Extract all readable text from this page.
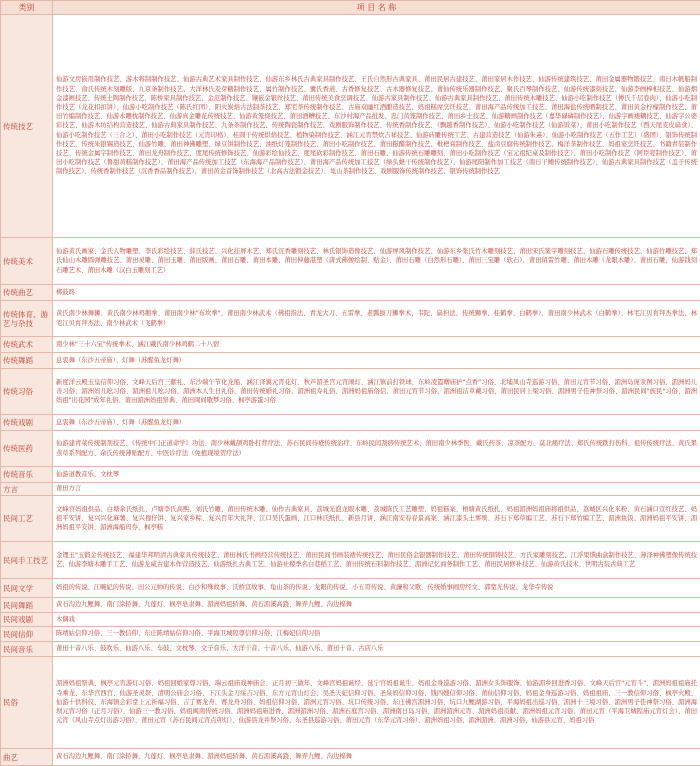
类别	项 目 名 称
传统技艺	仙游文房嵌用制作技艺、游木将制制作技艺、仙游古典艺术家具制作技艺、仙游东乡林氏古典家具制作技艺、王氏自然形古典家具、莆田民居古建技艺、莆田家居木作技艺、仙游传统建筑技艺、莆田金属器物锻技艺、南日木帆船制作技艺、俞氏传统木刻雕版、九京条制作技艺、大洋林氏麦芽糖制作技艺、属竹制作技艺、囊氏香道、古香修复技艺、古木器修复技艺、莆仙传统乐器制作技艺、聚氏百琴制作技艺、仙游传统漆刻技艺、仙游李画棒相技艺、仙游烟金漆画技艺、传统土陶制作技艺、陈桥家具制作技艺、金范制作技艺、镶嵌金银丝技艺、莆田传统美食烹调技艺、仙游古家具制作技艺、仙游古典家具制作技艺、莆田传统木雕技艺、仙游小吃制作技艺（傅氏千层卷肉）、仙游小吃制作技艺（龙花扣扣饼）、仙游小吃制作技艺（陈氏红团）、阳火炭焙古法制茶技艺、郑宅茶传统制作技艺、古庙双幽红酒酿造技艺、妈祖糕席烹饪技艺、莆田海产品传统加工技艺、莆田海盐传统晒制技艺、莆田黄金柠檬制作技艺、莆田竹编制作技艺、仙游木雕枕制作技艺、仙游真金雕花传统技艺、仙游黄笼烧技艺、莆田酒糟技艺、东沙村海产品批发、忠门黄笼制作技艺、莆田乡土技艺、仙游糖画制作技艺（嘉华碌碡制作技艺）、仙游字画裱糊技艺、仙游字公婆彩技艺、仙游木坊结构营造技艺、仙游古典家具制作技艺、九条茶制作技艺、传统陶瓷制作技艺、戏剧服饰制作技艺、传统香制作技艺、（飘越香制作技艺）、仙游小吃制作技艺（仙游饭菜）、莆田小吃制作技艺（西天尾麦皮扁食）、仙游小吃制作技艺（三合之）、莆田小吃制作技艺（元宵印格）、桂圆干传统烘焙技艺、植物染制作技艺、涵江元宵禁炊吉祥技艺、仙游砖雕传统工艺、古建营造技艺（仙游朱熹）、仙游小吃制作技艺（五作工艺）（盛团）、银饰传统制作技艺、传统朱银锡造技艺、仙游竹雕、莆田神佛雕塑、绿豆饼制作技艺、油纸灯笼制作技艺、莆田小吃制作技艺、莆田糍醋制作技艺、枇杷膏制作技艺、盐卤豆腐传统制作技艺、梅洋茶制作技艺、妈祖宴烹饪技艺、书籍青装制作技艺、传统金属字制作技艺、莆田龙舟制作技艺、度尾传统修饰技艺、仙游彩绘仙技艺、度尾砍彩制作技艺、莆田石雕、仙游传统石雕雕刻、莆田小吃制作技艺（宝元祖纪桌及制作技艺）、莆田小吃制作技艺（阿臣嗟制作技艺）、莆田小吃制作技艺（鲁甜黄糕制作技艺）、莆田海产品传统加工技艺（东海海产品制作技艺）、莆田海产品传统加工技艺（绿头蛏干传统制作技艺）、仙游尾阳制作加工技艺（南日干鲍传统制作技艺）、仙游古典家具制作技艺（盖子传统制作技艺）、传统香制作技艺（沉香香品制作技艺）、莆田黄金首饰制作技艺（北高古法锻金技艺）、龟山茶制作技艺、戏剧服饰传统制作技艺、银饰传统制作技艺
传统美术	仙游黄氏画家、金氏人物雕塑、李氏彩绘技艺、薛氏技艺、兴化挂屏木艺、郑氏沉香雕刻技艺、林氏银饰造像技艺、仙游屏风制作技艺、仙游东乡张氏竹木雕刻技艺、莆田宋氏篆字雕刻技艺、仙游石雕传统技艺、仙游竹雕技艺、郑氏仙山木雕圆弹雕技艺、莆田灵雕、莆田玉雕、莆田版画、莆田石雕、莆田本雕、莆田伸藤湛塑（唐式佛像绘制、贴金）、莆田石雕（白然形石雕）、莆田三宝雕（软石）、莆田留雷竹雕、莆田木雕（龙眼木雕）、莆田石雕、仙游钱刻石雕艺术、莆田木雕（汉白玉雕刻工艺）
传统曲艺	梆鼓咚
传统体育、游艺与杂技	黄氏南少林舞狮、黄氏南少林鸡鹅拳、莆田南少林"布坎拳"、莆田南少林武术（佛祖指法、青龙大刀、五雷拳、老瓢拔刀狮拳术、韦陀、扁担法、传统狮拳、桂鹤拳、白鹤拳）、莆田南少林武术（白鹤拳）、林宅江贝育拜杰拳法、林宅江贝育拜杰法、南少林武术（飞鹤拳）
传统武术	南少林"三十六宝"传统拳术、涵江戴氏南少林鸡鹤二十八宿
传统舞蹈	息衷舞（东沙五帝庙）、灯舞（苏醒鱼龙灯舞）
传统习俗	新度洋云殿玉皇信仰习俗、文峰天后宫三献礼、东沙端午节化龙船、涵江泽翼元宵花灯、秋芦湄圣宫元宵闹灯、涵江镇前打铁球、东岭凌霞曙庙护"点香"习俗、北埔凤山寺巡游习俗、莆田元宵节习俗、湄洲岛庞汞图习俗、湄洲妈儿善习俗、湄洲妈儿吆习俗、湄洲祖儿吆习俗、湄洲本人生日礼俗、莆田传统婚礼习俗、湄洲祖寿礼俗、湄洲妈祖庙俗信、莆田元宵节习俗、湄洲祖洁草戴习俗、莆田民居上梁习俗、湄洲男子佳神祭习俗、湄洲民间"族民"习俗、湄洲妈祖"出花园"成年礼俗、莆田湄洲妈祖祭典、莆田闽间歇梦习俗、枫亭游蛋习俗
传统戏剧	息衷舞（东沙五帝庙）、灯舞（苏醒鱼龙灯舞）
传统医药	仙游建青菜传统制剂技艺、《传统中门正道命学》功法、南少林戴颉鸡卧打背疗法、苏石民间待疮传统治疗、东岭民间刮痧传统艺术、莆田南少林季医、戴氏药茶、凉茶配方、莫北痛疗法、郑氏传统跌打伤科、祖传传统疗法、黄氏果蒸草系列配方、余氏传统薄贴配方、中医诊疗法（免植现境贺疗法）
传统音乐	仙游道教音乐、文枕琴
方言	莆田方言
民间工艺	文峰宫妈祖供品、白塘余氏纸扎、卢塘李氏高熙、刘氏竹雕、莆田传统木雕、仙作古典家具、荔城光泡龙眼木雕、荔城陈氏工艺雕塑、妈祖糕案、梧塘黄氏纸扎、妈祖湄洲妈祖庙将祖供品、荔城区兴化米粉、黄石涵口宣红技艺、妈祖平安饼、复兴兴化麻薯、复兴穆仔饼、复兴家乡粽、复兴百年大礼拜、江口吴氏蛋画、江口林氏纸扎、新县月饼、涵江南安春春景高案、涵江漆头土葬殡、苏石下郑草编工艺、苏石下郑竹编工艺、湄洲鱼饭、湄洲妈祖平安饼、湄洲妈祖平安饼、湄洲海船玛券、枫亭糕
民间手工技艺	金锂玉"玉锻金传统技艺、福建华邦明清古典家具传统技艺、莆田林氏书画经营传统技艺、莆田民间书画装裱传统技艺、莆田民俗金银器制作技艺、莆田传统铜铸技艺、方氏家雕刻技艺、江浮果馔曲盒制作技艺、薄泽神佛塑像传统技艺、仙游李塘木雕手工艺、仙游龙威古建木作营造技艺、仙游纸扎古典工艺、仙游社稷季名白巷稻工艺、莆田传统石料制作技艺、湄洲记忆商务制作工艺、莆田民居修补技艺、仙游黄氏技术、世明古装古典工艺
民间文学	妈祖的传说、江畹妃的传说、田公元帅的传说、白沙和殊故事、沃桥宣故事、龟山茶的传说、龙眼的传说、小五哥传说、黄濂和父歌、传统婚事闹房经文、郭宽光传说、龙华寺传说
民间舞蹈	黄石沟边九鲤舞、南门涂轿舞、九莲灯、枫亭皂隶舞、湄洲妈祖轿舞、黄石湄溪高跷、舞弄九鲤、沟边棉舞
民间戏剧	木偶戏
民间信仰	陈靖姑信仰习俗、三一教信仰、东庄陈靖姑信仰习俗、平海卫城隍尊信仰习俗、江梅妃信仰习俗
民间音乐	莆田十音八乐、鼓吹乐、仙游八乐、车鼓、文枕琴、文子音乐、大洋干音、十音八乐、仙游八乐、莆田十音、古店八乐
民俗	湄洲妈祖祭典、枫亭元宵游灯习俗、妈祖回娘家尊习俗、瑞云祖庙戏神庙会、正月初三做年、文峰宫妈祖诞经、延宁宫妈祖诞生、妈祖金身巡游习俗、湄洲女头饰服饰、仙游湄乡回进香习俗、文峰天后宫"元宵斗"、湄洲妈祖祖庙托寺乘龙、东华宫西宫、仙游圣灵祭、清明公庙会习俗、下江头金刀绥吉习俗、东方元宵山灯会、吴圣天妃信仰习俗、圣泉妈信仰习俗、钱四嫂信仰习俗、莆仙信仰习俗、妈祖金身巡游习俗、妈祖祖庙、三一教信仰习俗、枫亭火殿、仙游十供科仪、东海镇会彩堂上元祈福习俗、吉了赛龙舟、赛龙舟习俗、妈祖信仰习俗、湄洲元宵习俗、坑口传统习俗、东庄佛宫湄洲习俗、坑口九鲤湖游习俗、平海妈祖出巡习俗、湄洲十三境习俗、湄洲男子佳神祭习俗、湄洲海坝元宵习俗（正月习俗）、仙游三一教习俗、妈祖闽南传统习俗、湄洲妈祖庙进香、湄洲湄洲习俗、湄洲石庭宫习俗、湄洲南日岛习俗、湄洲湄洲元宵、湄洲妈祖贡献、湄洲妈祖元宵习俗、莆田元宵（平海卫城隍庙元宵灯会）、莆田元宵（风山寺点灯出游习俗）、莆田元宵（苏石民间元宵点卯灯）、仙游县龙井祭习俗、东圣县巡游习俗、莆田元宵（东华元宵习俗）、湄洲妈祖习俗、湄洲湄洲、湄洲习俗、仙游县元宵、妈祖习俗
曲艺	黄石沟边九鲤舞、南门涂轿舞、九莲灯、枫亭皂隶舞、湄洲妈祖轿舞、黄石湄溪高跷、舞弄九鲤、沟边棉舞
